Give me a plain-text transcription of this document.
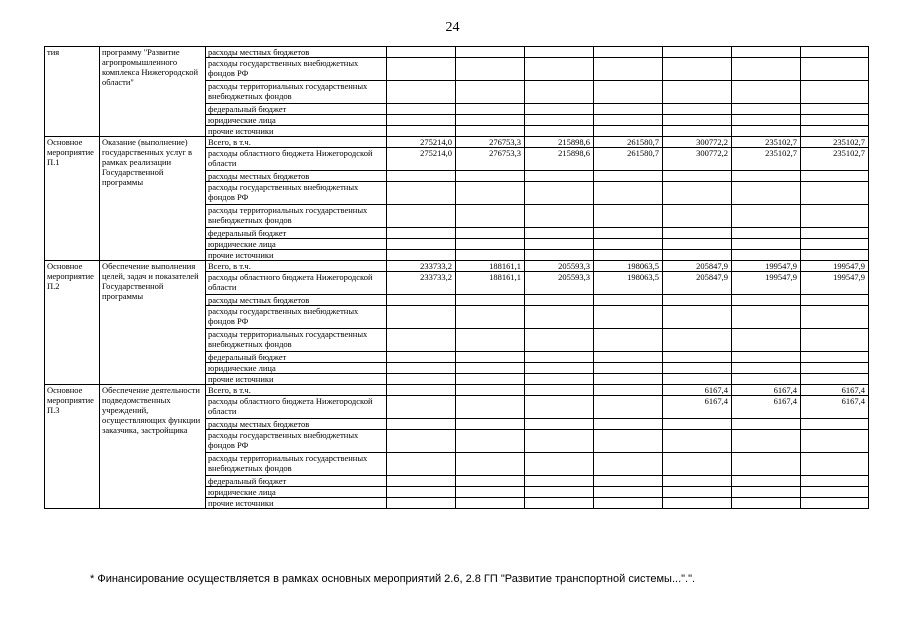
24
тия	программу "Развитие агропромышленного комплекса Нижегородской области"	расходы местных бюджетов							
		расходы государственных внебюджетных фондов РФ							
		расходы территориальных государственных внебюджетных фондов							
		федеральный бюджет							
		юридические лица							
		прочие источники							
Основное мероприятие П.1	Оказание (выполнение) государственных услуг в рамках реализации Государственной программы	Всего, в т.ч.	275214,0	276753,3	215898,6	261580,7	300772,2	235102,7	235102,7
		расходы областного бюджета Нижегородской области	275214,0	276753,3	215898,6	261580,7	300772,2	235102,7	235102,7
		расходы местных бюджетов							
		расходы государственных внебюджетных фондов РФ							
		расходы территориальных государственных внебюджетных фондов							
		федеральный бюджет							
		юридические лица							
		прочие источники							
Основное мероприятие П.2	Обеспечение выполнения целей, задач и показателей Государственной программы	Всего, в т.ч.	233733,2	188161,1	205593,3	198063,5	205847,9	199547,9	199547,9
		расходы областного бюджета Нижегородской области	233733,2	188161,1	205593,3	198063,5	205847,9	199547,9	199547,9
		расходы местных бюджетов							
		расходы государственных внебюджетных фондов РФ							
		расходы территориальных государственных внебюджетных фондов							
		федеральный бюджет							
		юридические лица							
		прочие источники							
Основное мероприятие П.3	Обеспечение деятельности подведомственных учреждений, осуществляющих функции заказчика, застройщика	Всего, в т.ч.					6167,4	6167,4	6167,4
		расходы областного бюджета Нижегородской области					6167,4	6167,4	6167,4
		расходы местных бюджетов							
		расходы государственных внебюджетных фондов РФ							
		расходы территориальных государственных внебюджетных фондов							
		федеральный бюджет							
		юридические лица							
		прочие источники							
* Финансирование осуществляется в рамках основных мероприятий 2.6, 2.8 ГП "Развитие транспортной системы...".".
